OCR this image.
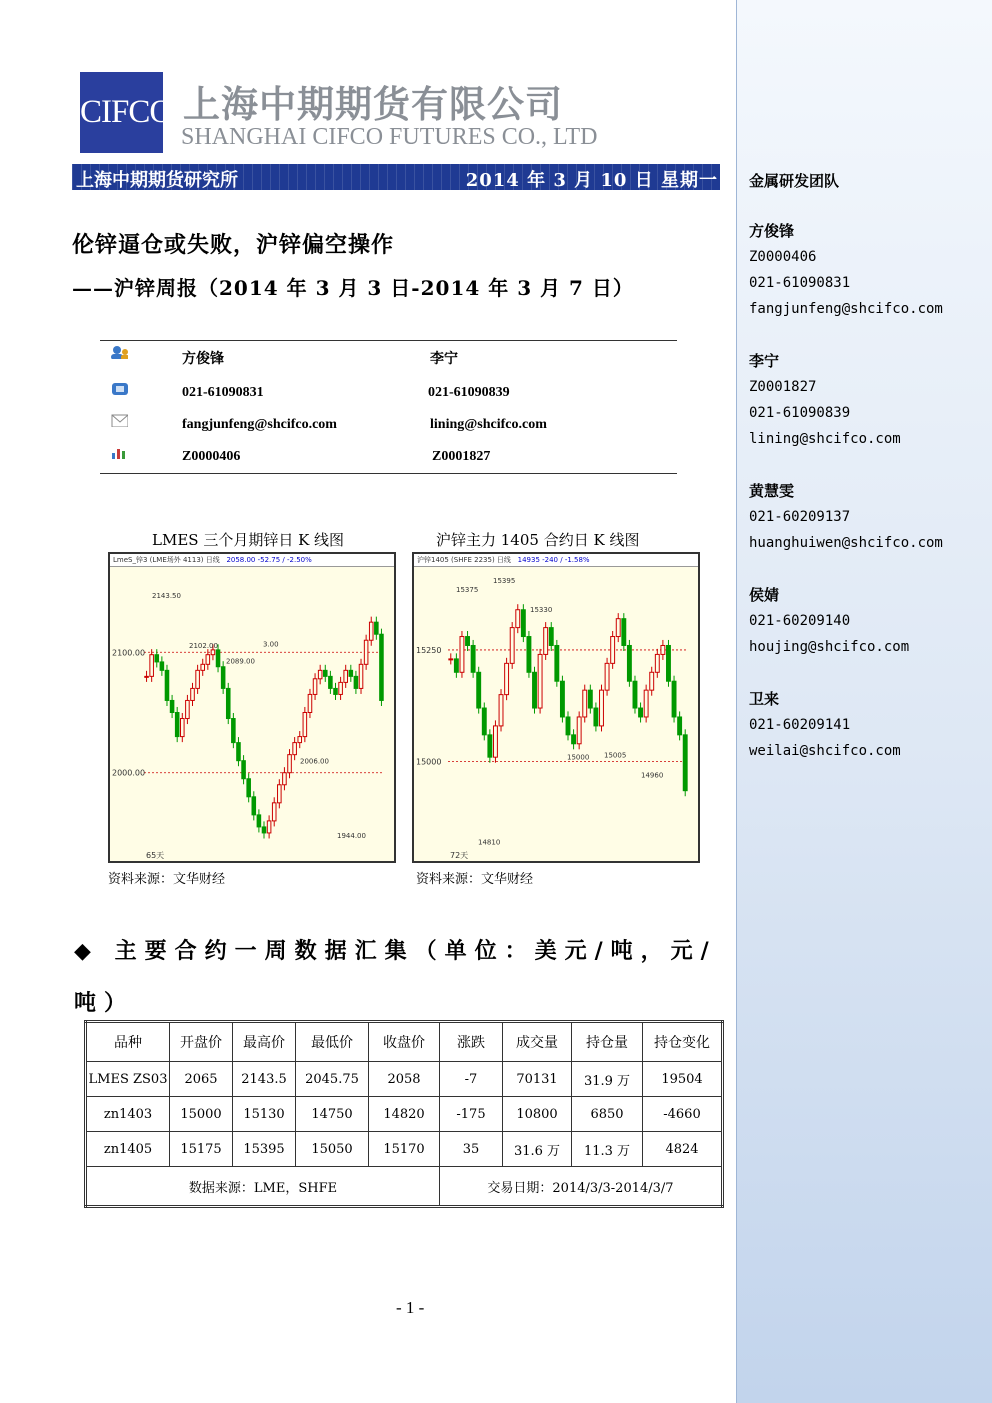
金属研发团队
方俊锋
Z0000406
021-61090831
fangjunfeng@shcifco.com
李宁
Z0001827
021-61090839
lining@shcifco.com
黄慧雯
021-60209137
huanghuiwen@shcifco.com
侯婧
021-60209140
houjing@shcifco.com
卫来
021-60209141
weilai@shcifco.com
CIFCO 上海中期期货有限公司
SHANGHAI CIFCO FUTURES CO., LTD
上海中期期货研究所	2014 年 3 月 10 日 星期一
伦锌逼仓或失败，沪锌偏空操作
——沪锌周报（2014 年 3 月 3 日-2014 年 3 月 7 日）
方俊锋	李宁
021-61090831	021-61090839
fangjunfeng@shcifco.com	lining@shcifco.com
Z0000406	Z0001827
LMES 三个月期锌日 K 线图	沪锌主力 1405 合约日 K 线图
LmeS_锌3 (LME场外 4113) 日线 2058.00 -52.75 / -2.50%
2100.00
2000.00
2143.50
2102.00
2089.00
3.00
2006.00
1944.00
65天
沪锌1405 (SHFE 2235) 日线 14935 -240 / -1.58%
15250
15000
15375
15395
15330
15000 15005
14960
14810
72天
资料来源：文华财经	资料来源：文华财经
◆ 主要合约一周数据汇集（单位：美元/吨，元/吨）
品种	开盘价	最高价	最低价	收盘价	涨跌	成交量	持仓量	持仓变化
LMES ZS03	2065	2143.5	2045.75	2058	-7	70131	31.9 万	19504
zn1403	15000	15130	14750	14820	-175	10800	6850	-4660
zn1405	15175	15395	15050	15170	35	31.6 万	11.3 万	4824
数据来源：LME，SHFE					交易日期：2014/3/3-2014/3/7			
- 1 -
